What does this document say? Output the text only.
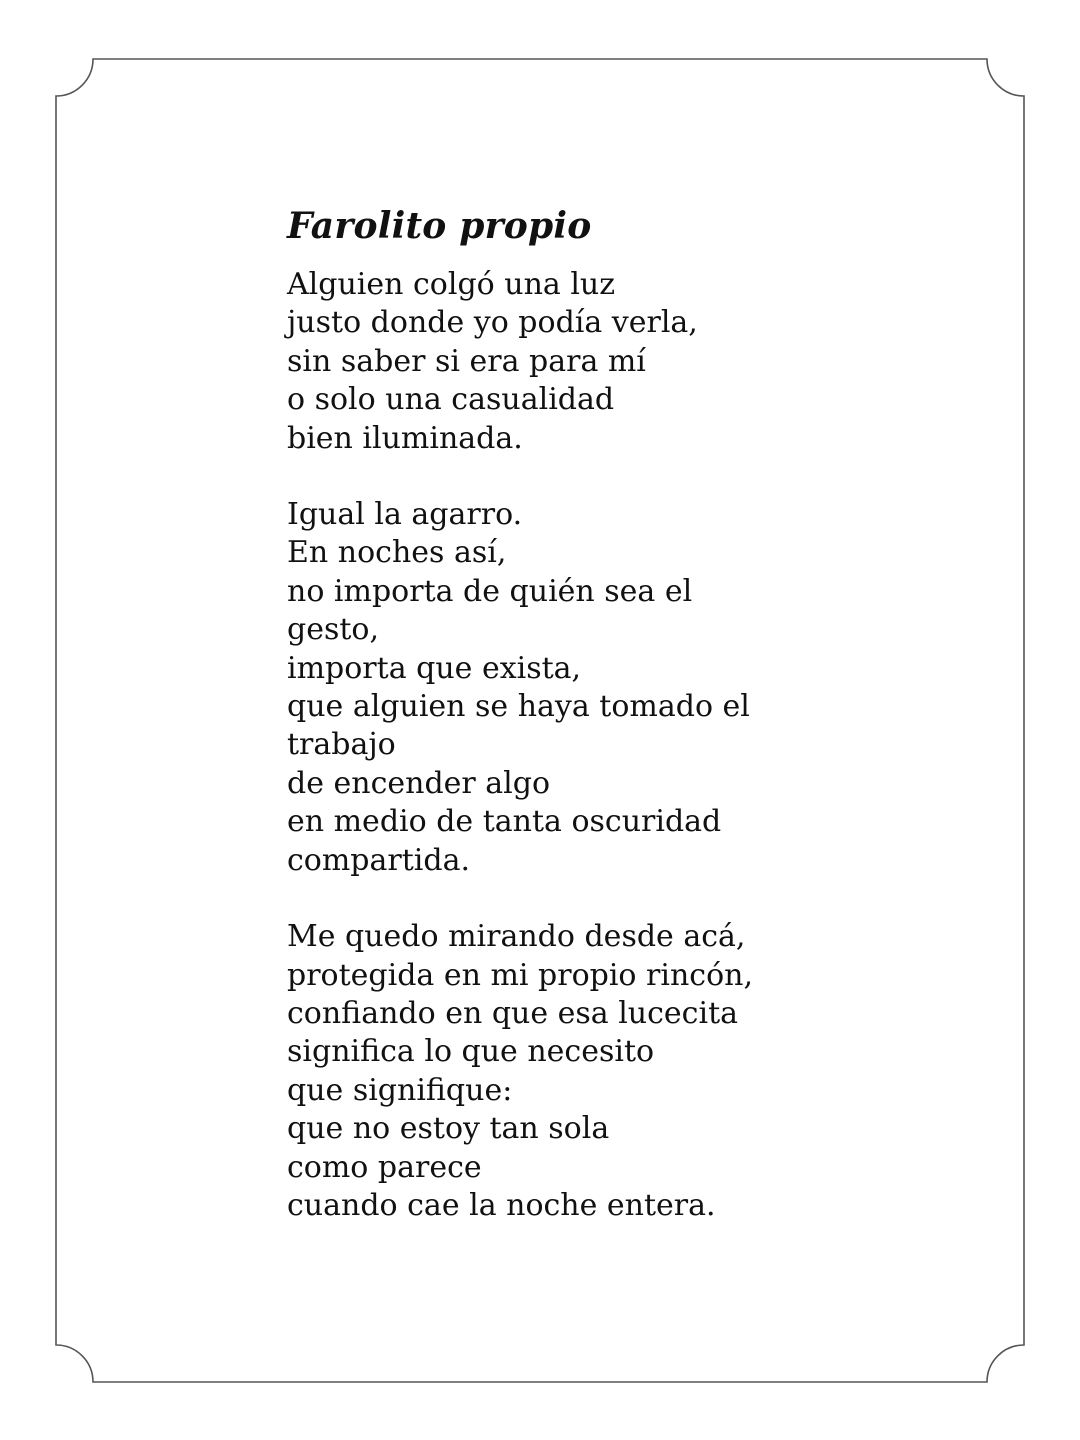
Farolito propio
Alguien colgó una luz
justo donde yo podía verla,
sin saber si era para mí
o solo una casualidad
bien iluminada.
Igual la agarro.
En noches así,
no importa de quién sea el
gesto,
importa que exista,
que alguien se haya tomado el
trabajo
de encender algo
en medio de tanta oscuridad
compartida.
Me quedo mirando desde acá,
protegida en mi propio rincón,
confiando en que esa lucecita
significa lo que necesito
que signifique:
que no estoy tan sola
como parece
cuando cae la noche entera.
